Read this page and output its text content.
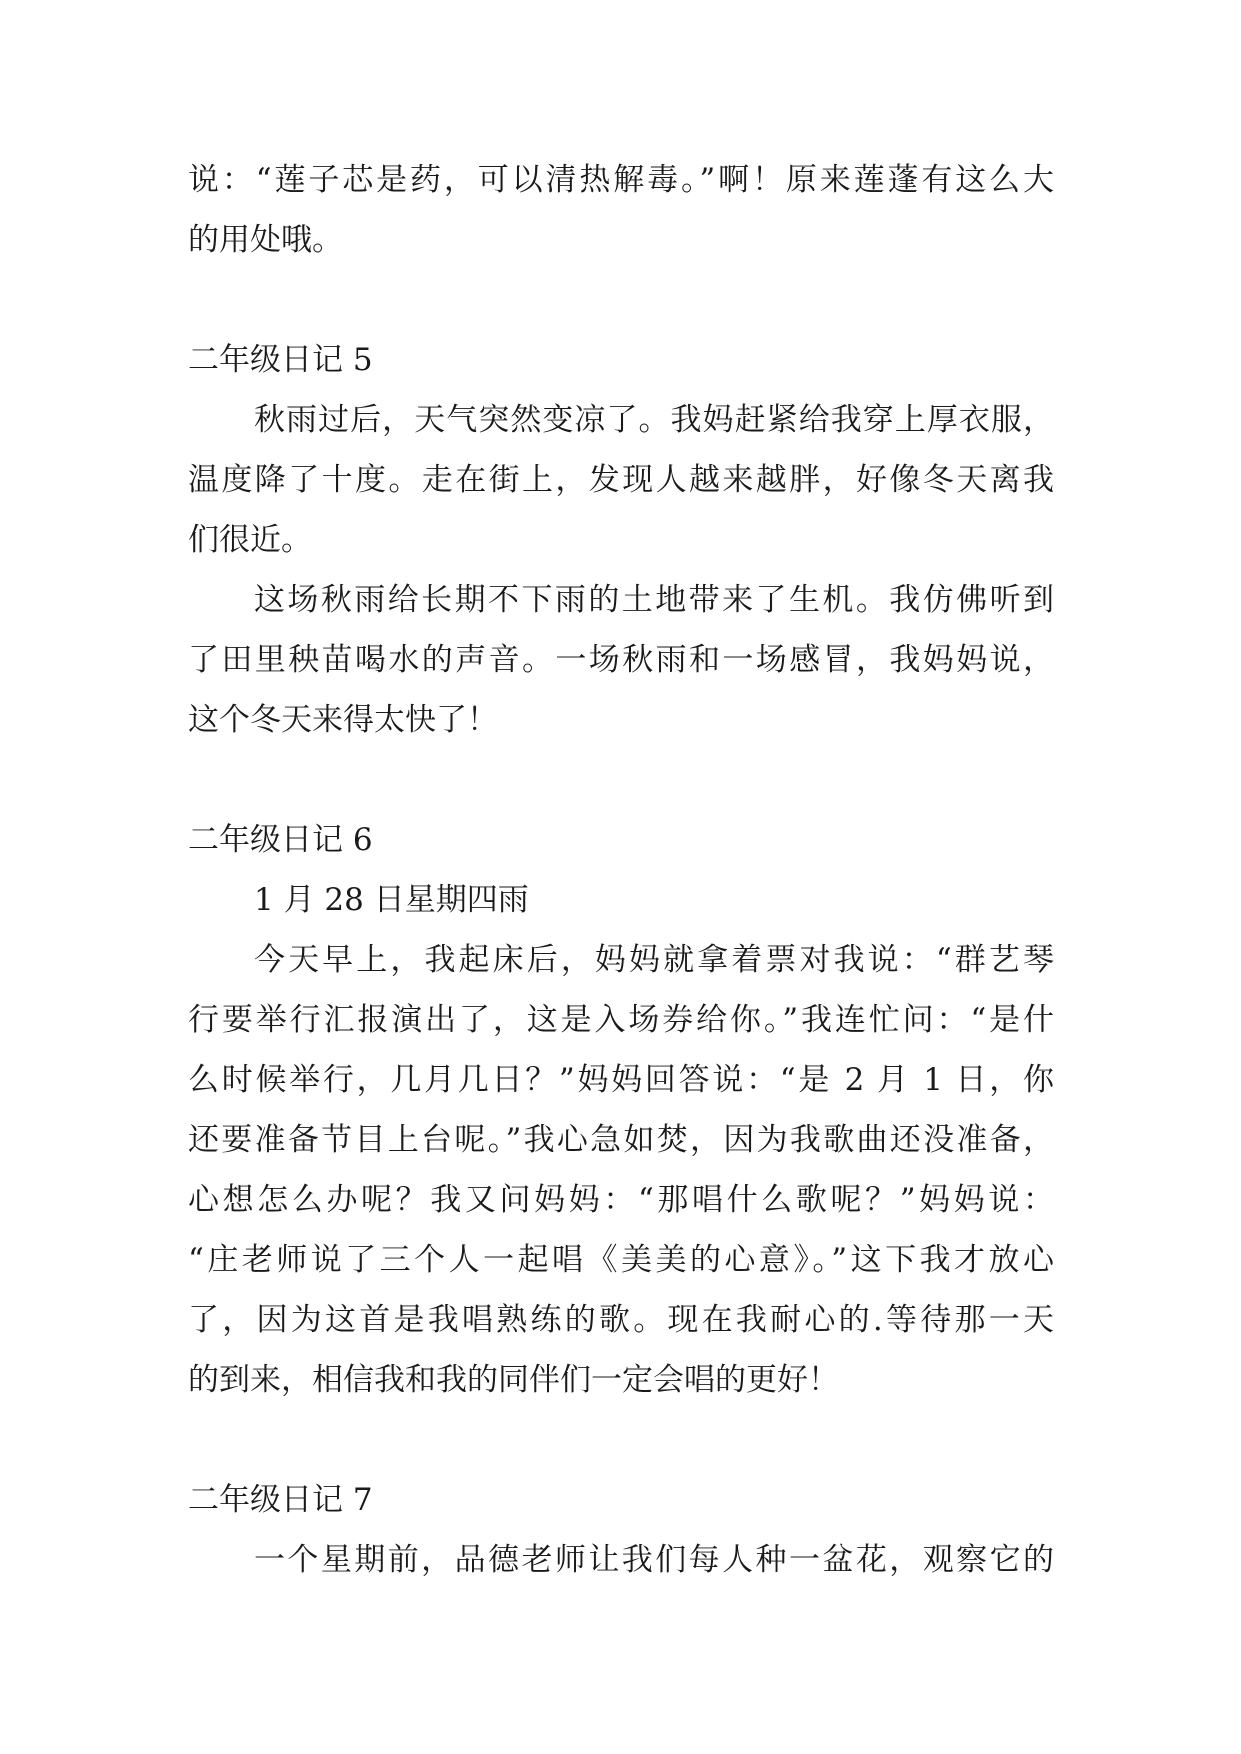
说：“莲子芯是药，可以清热解毒。”啊！原来莲蓬有这么大
的用处哦。
二年级日记 5
秋雨过后，天气突然变凉了。我妈赶紧给我穿上厚衣服，
温度降了十度。走在街上，发现人越来越胖，好像冬天离我
们很近。
这场秋雨给长期不下雨的土地带来了生机。我仿佛听到
了田里秧苗喝水的声音。一场秋雨和一场感冒，我妈妈说，
这个冬天来得太快了！
二年级日记 6
1 月 28 日星期四雨
今天早上，我起床后，妈妈就拿着票对我说：“群艺琴
行要举行汇报演出了，这是入场券给你。”我连忙问：“是什
么时候举行，几月几日？”妈妈回答说：“是 2 月 1 日，你
还要准备节目上台呢。”我心急如焚，因为我歌曲还没准备，
心想怎么办呢？我又问妈妈：“那唱什么歌呢？”妈妈说：
“庄老师说了三个人一起唱《美美的心意》。”这下我才放心
了，因为这首是我唱熟练的歌。现在我耐心的.等待那一天
的到来，相信我和我的同伴们一定会唱的更好！
二年级日记 7
一个星期前，品德老师让我们每人种一盆花，观察它的
